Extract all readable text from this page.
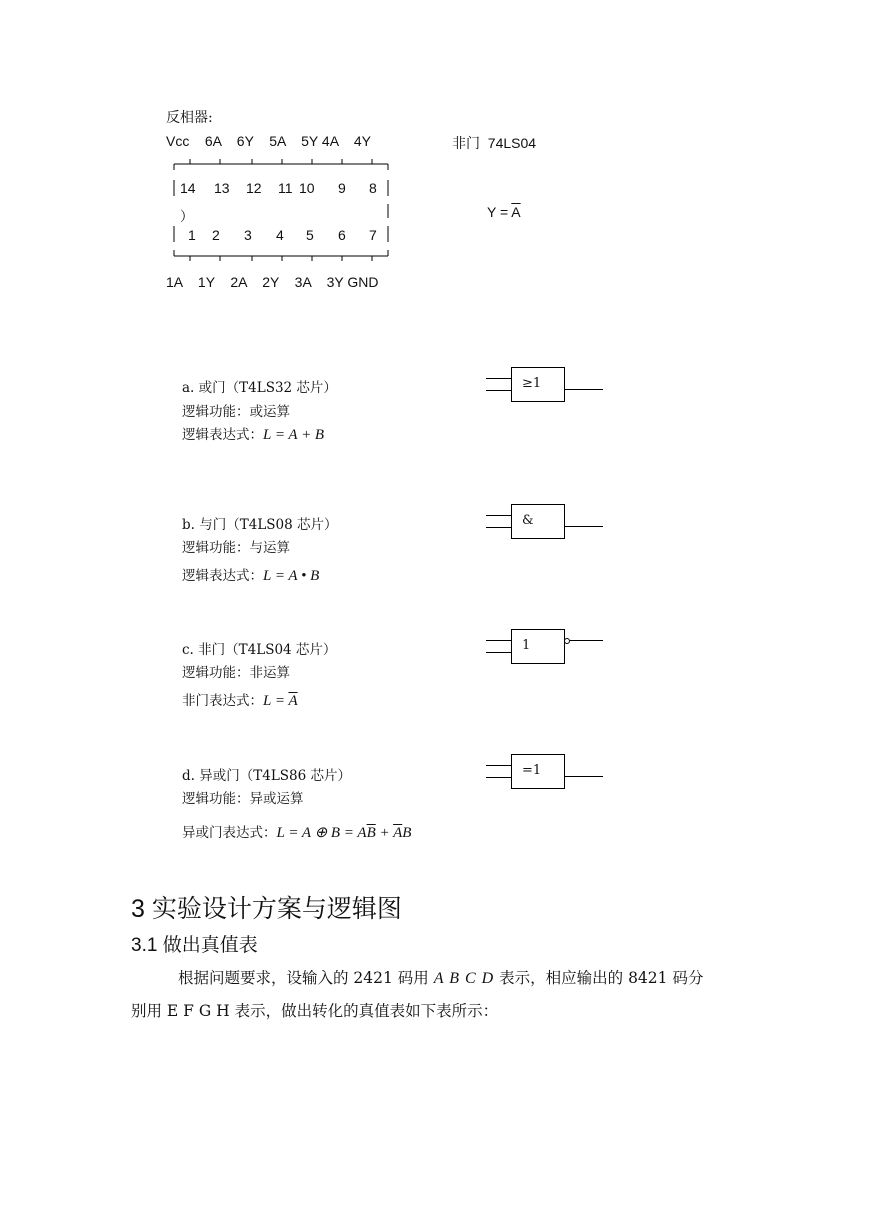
反相器:
Vcc    6A    6Y    5A    5Y 4A    4Y
14 13 12 11 10 9 8
）
1 2 3 4 5 6 7
1A    1Y    2A    2Y    3A    3Y GND
非门  74LS04
$Y = \overline{A}$
a. 或门（T4LS32 芯片）
逻辑功能：或运算
逻辑表达式：L = A + B
≥1
b. 与门（T4LS08 芯片）
逻辑功能：与运算
逻辑表达式：L = A • B
&
c. 非门（T4LS04 芯片）
逻辑功能：非运算
非门表达式：$L = \overline{A}$
1
d. 异或门（T4LS86 芯片）
逻辑功能：异或运算
异或门表达式：L = A ⊕ $B = A\overline{B} + \overline{A}B$
=1
3 实验设计方案与逻辑图
3.1 做出真值表
根据问题要求，设输入的 2421 码用 A B C D 表示，相应输出的 8421 码分
别用 E F G H 表示，做出转化的真值表如下表所示：
